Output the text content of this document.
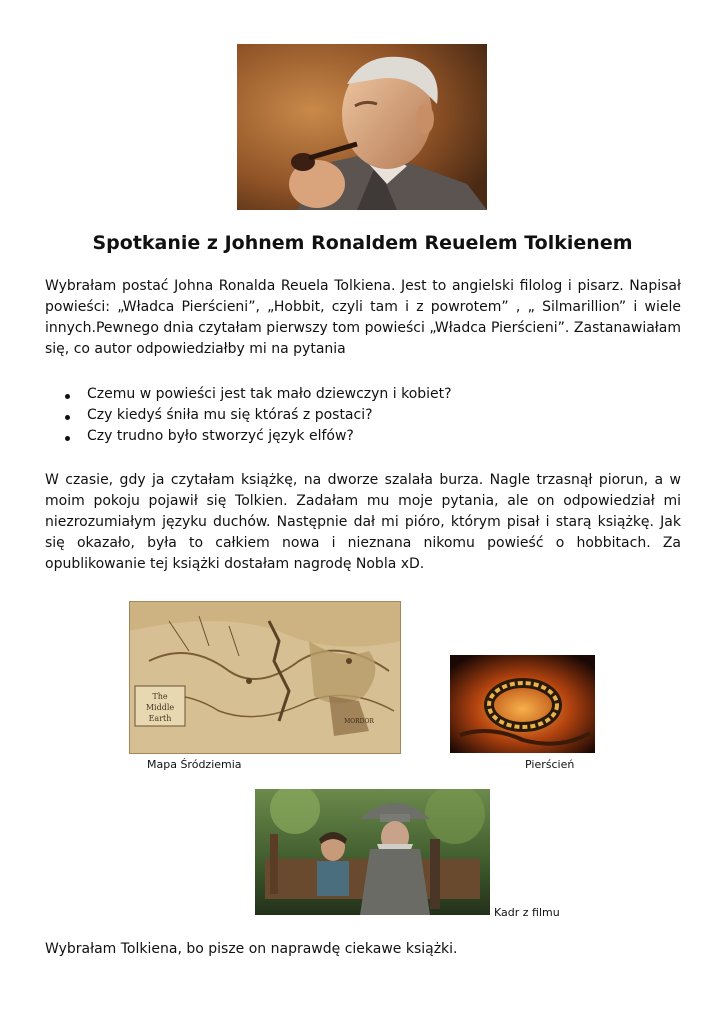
Spotkanie z Johnem Ronaldem Reuelem Tolkienem

Wybrałam postać Johna Ronalda Reuela Tolkiena. Jest to angielski filolog i pisarz. Napisał powieści: „Władca Pierścieni”, „Hobbit, czyli tam i z powrotem” , „ Silmarillion” i wiele innych.Pewnego dnia czytałam pierwszy tom powieści „Władca Pierścieni”. Zastanawiałam się, co autor odpowiedziałby mi na pytania

Czemu w powieści jest tak mało dziewczyn i kobiet?
Czy kiedyś śniła mu się któraś z postaci?
Czy trudno było stworzyć język elfów?

W czasie, gdy ja czytałam książkę, na dworze szalała burza. Nagle trzasnął piorun, a w moim pokoju pojawił się Tolkien. Zadałam mu moje pytania, ale on odpowiedział mi niezrozumiałym języku duchów. Następnie dał mi pióro, którym pisał i starą książkę. Jak się okazało, była to całkiem nowa i nieznana nikomu powieść o hobbitach. Za opublikowanie tej książki dostałam nagrodę Nobla xD.

The
Middle
Earth	MORDOR
Mapa Śródziemia	Pierścień
Kadr z filmu

Wybrałam Tolkiena, bo pisze on naprawdę ciekawe książki.
